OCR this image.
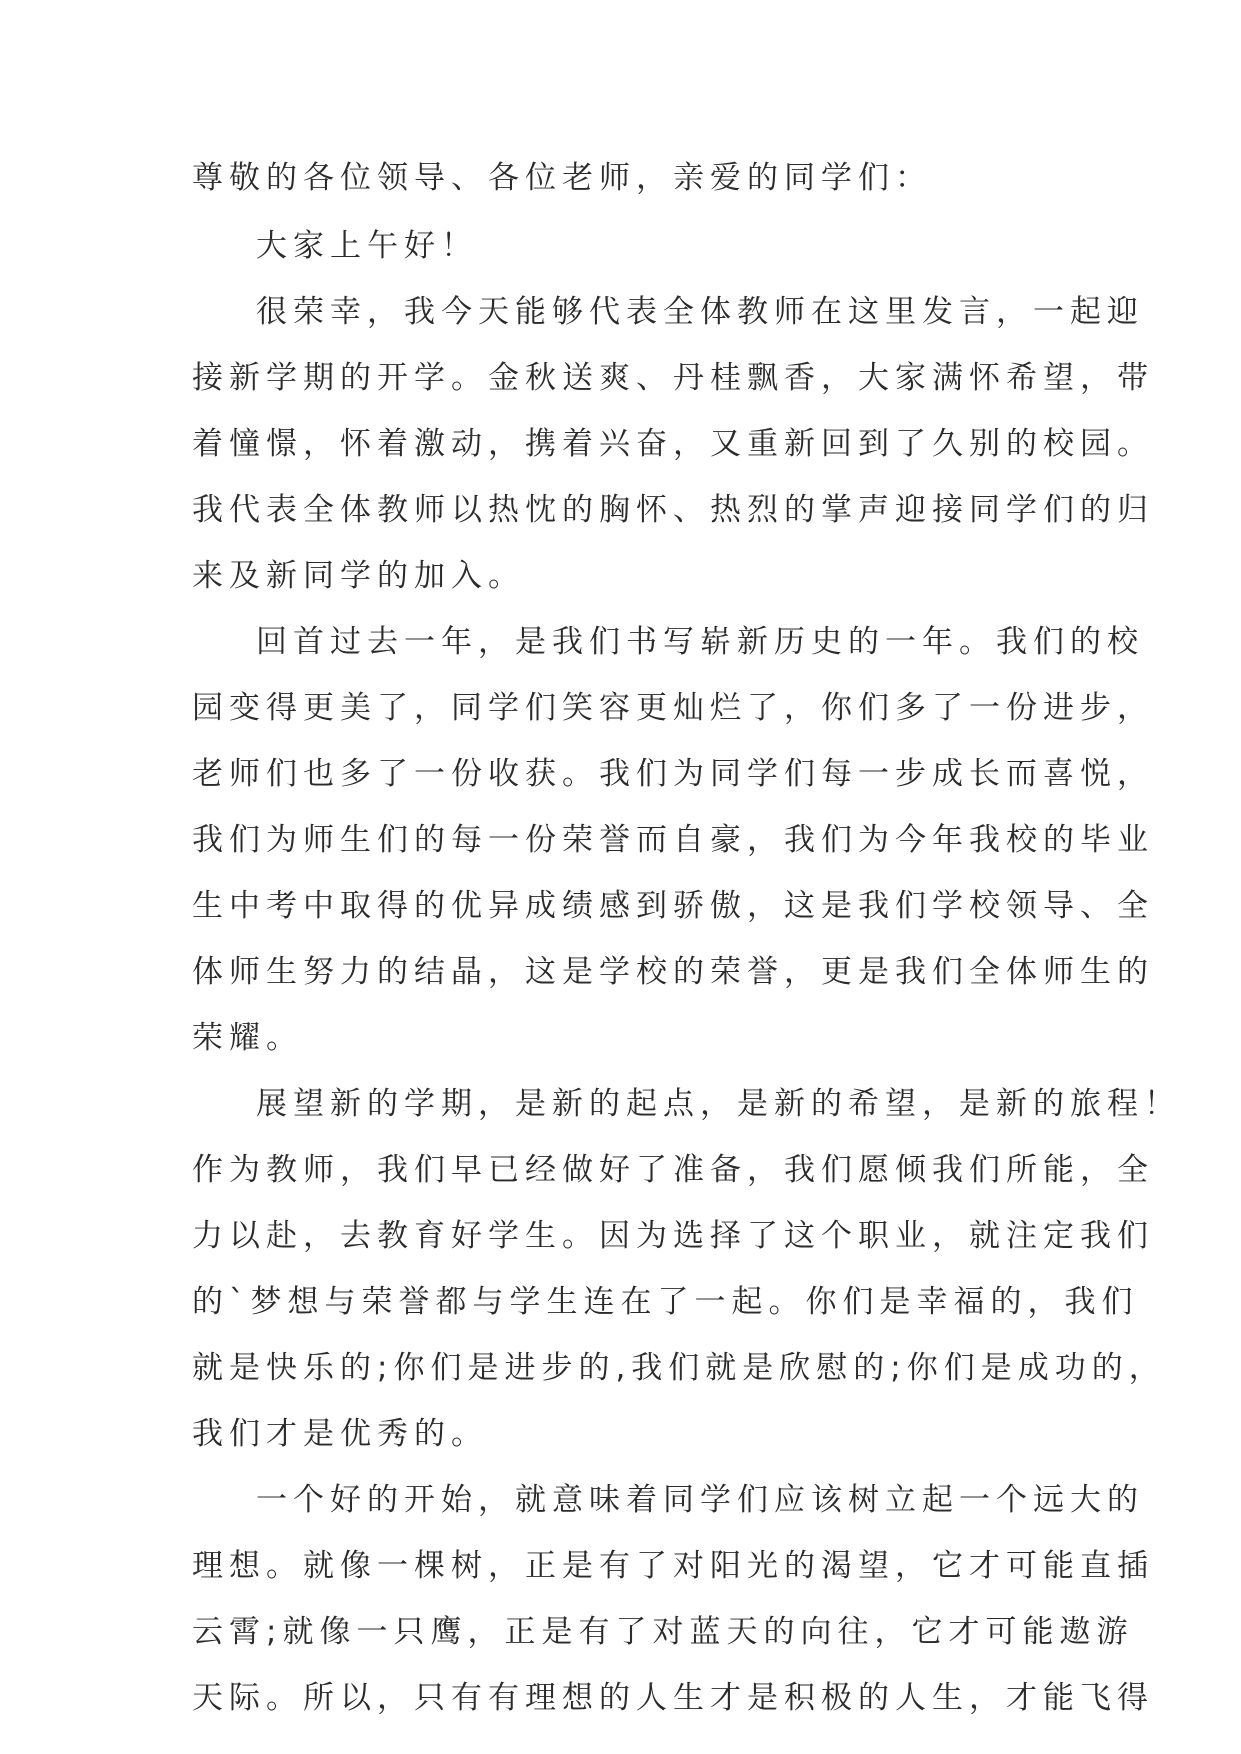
尊敬的各位领导、各位老师，亲爱的同学们：

大家上午好！

很荣幸，我今天能够代表全体教师在这里发言，一起迎

接新学期的开学。金秋送爽、丹桂飘香，大家满怀希望，带

着憧憬，怀着激动，携着兴奋，又重新回到了久别的校园。

我代表全体教师以热忱的胸怀、热烈的掌声迎接同学们的归

来及新同学的加入。

回首过去一年，是我们书写崭新历史的一年。我们的校

园变得更美了，同学们笑容更灿烂了，你们多了一份进步，

老师们也多了一份收获。我们为同学们每一步成长而喜悦，

我们为师生们的每一份荣誉而自豪，我们为今年我校的毕业

生中考中取得的优异成绩感到骄傲，这是我们学校领导、全

体师生努力的结晶，这是学校的荣誉，更是我们全体师生的

荣耀。

展望新的学期，是新的起点，是新的希望，是新的旅程！

作为教师，我们早已经做好了准备，我们愿倾我们所能，全

力以赴，去教育好学生。因为选择了这个职业，就注定我们

的`梦想与荣誉都与学生连在了一起。你们是幸福的，我们

就是快乐的;你们是进步的,我们就是欣慰的;你们是成功的，

我们才是优秀的。

一个好的开始，就意味着同学们应该树立起一个远大的

理想。就像一棵树，正是有了对阳光的渴望，它才可能直插

云霄;就像一只鹰，正是有了对蓝天的向往，它才可能遨游

天际。所以，只有有理想的人生才是积极的人生，才能飞得
